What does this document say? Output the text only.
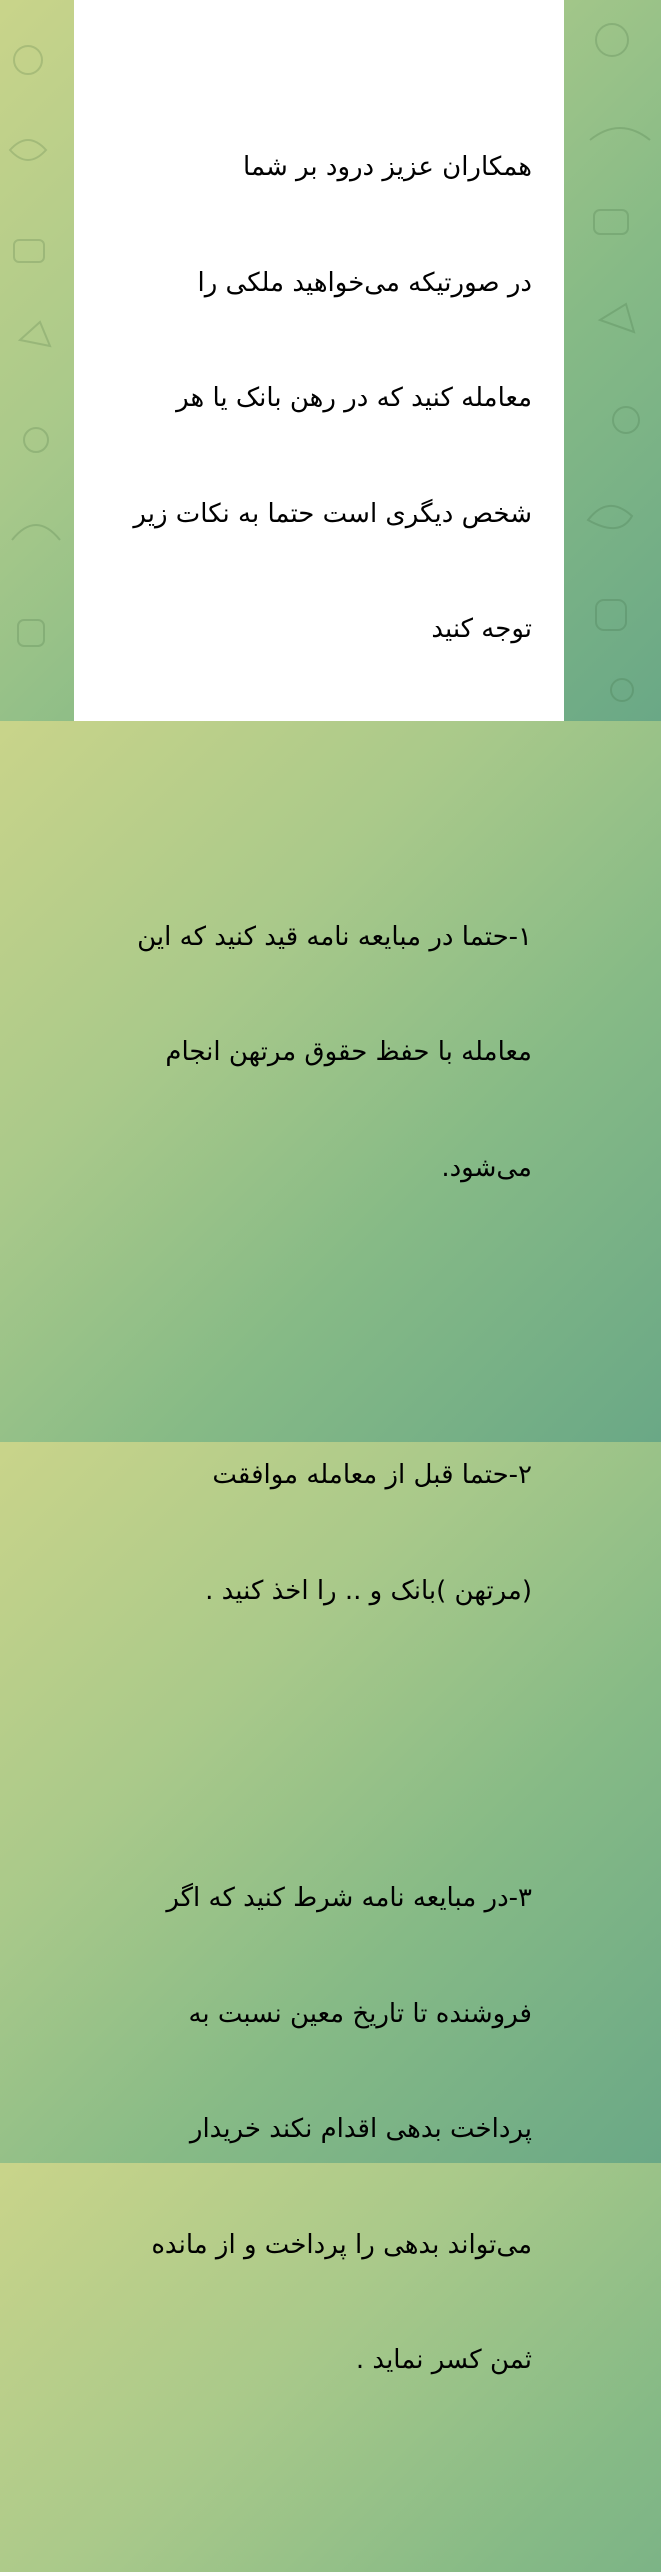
همکاران عزیز درود بر شما

در صورتیکه می‌خواهید ملکی را

معامله کنید که در رهن بانک یا هر

شخص دیگری است حتما به نکات زیر

توجه کنید

۱-حتما در مبایعه نامه قید کنید که این

معامله با حفظ حقوق مرتهن انجام

می‌شود.

۲-حتما قبل از معامله موافقت

(مرتهن )بانک و .. را اخذ کنید .

۳-در مبایعه نامه شرط کنید که اگر

فروشنده تا تاریخ معین نسبت به

پرداخت بدهی اقدام نکند خریدار

می‌تواند بدهی را پرداخت و از مانده

ثمن کسر نماید .
